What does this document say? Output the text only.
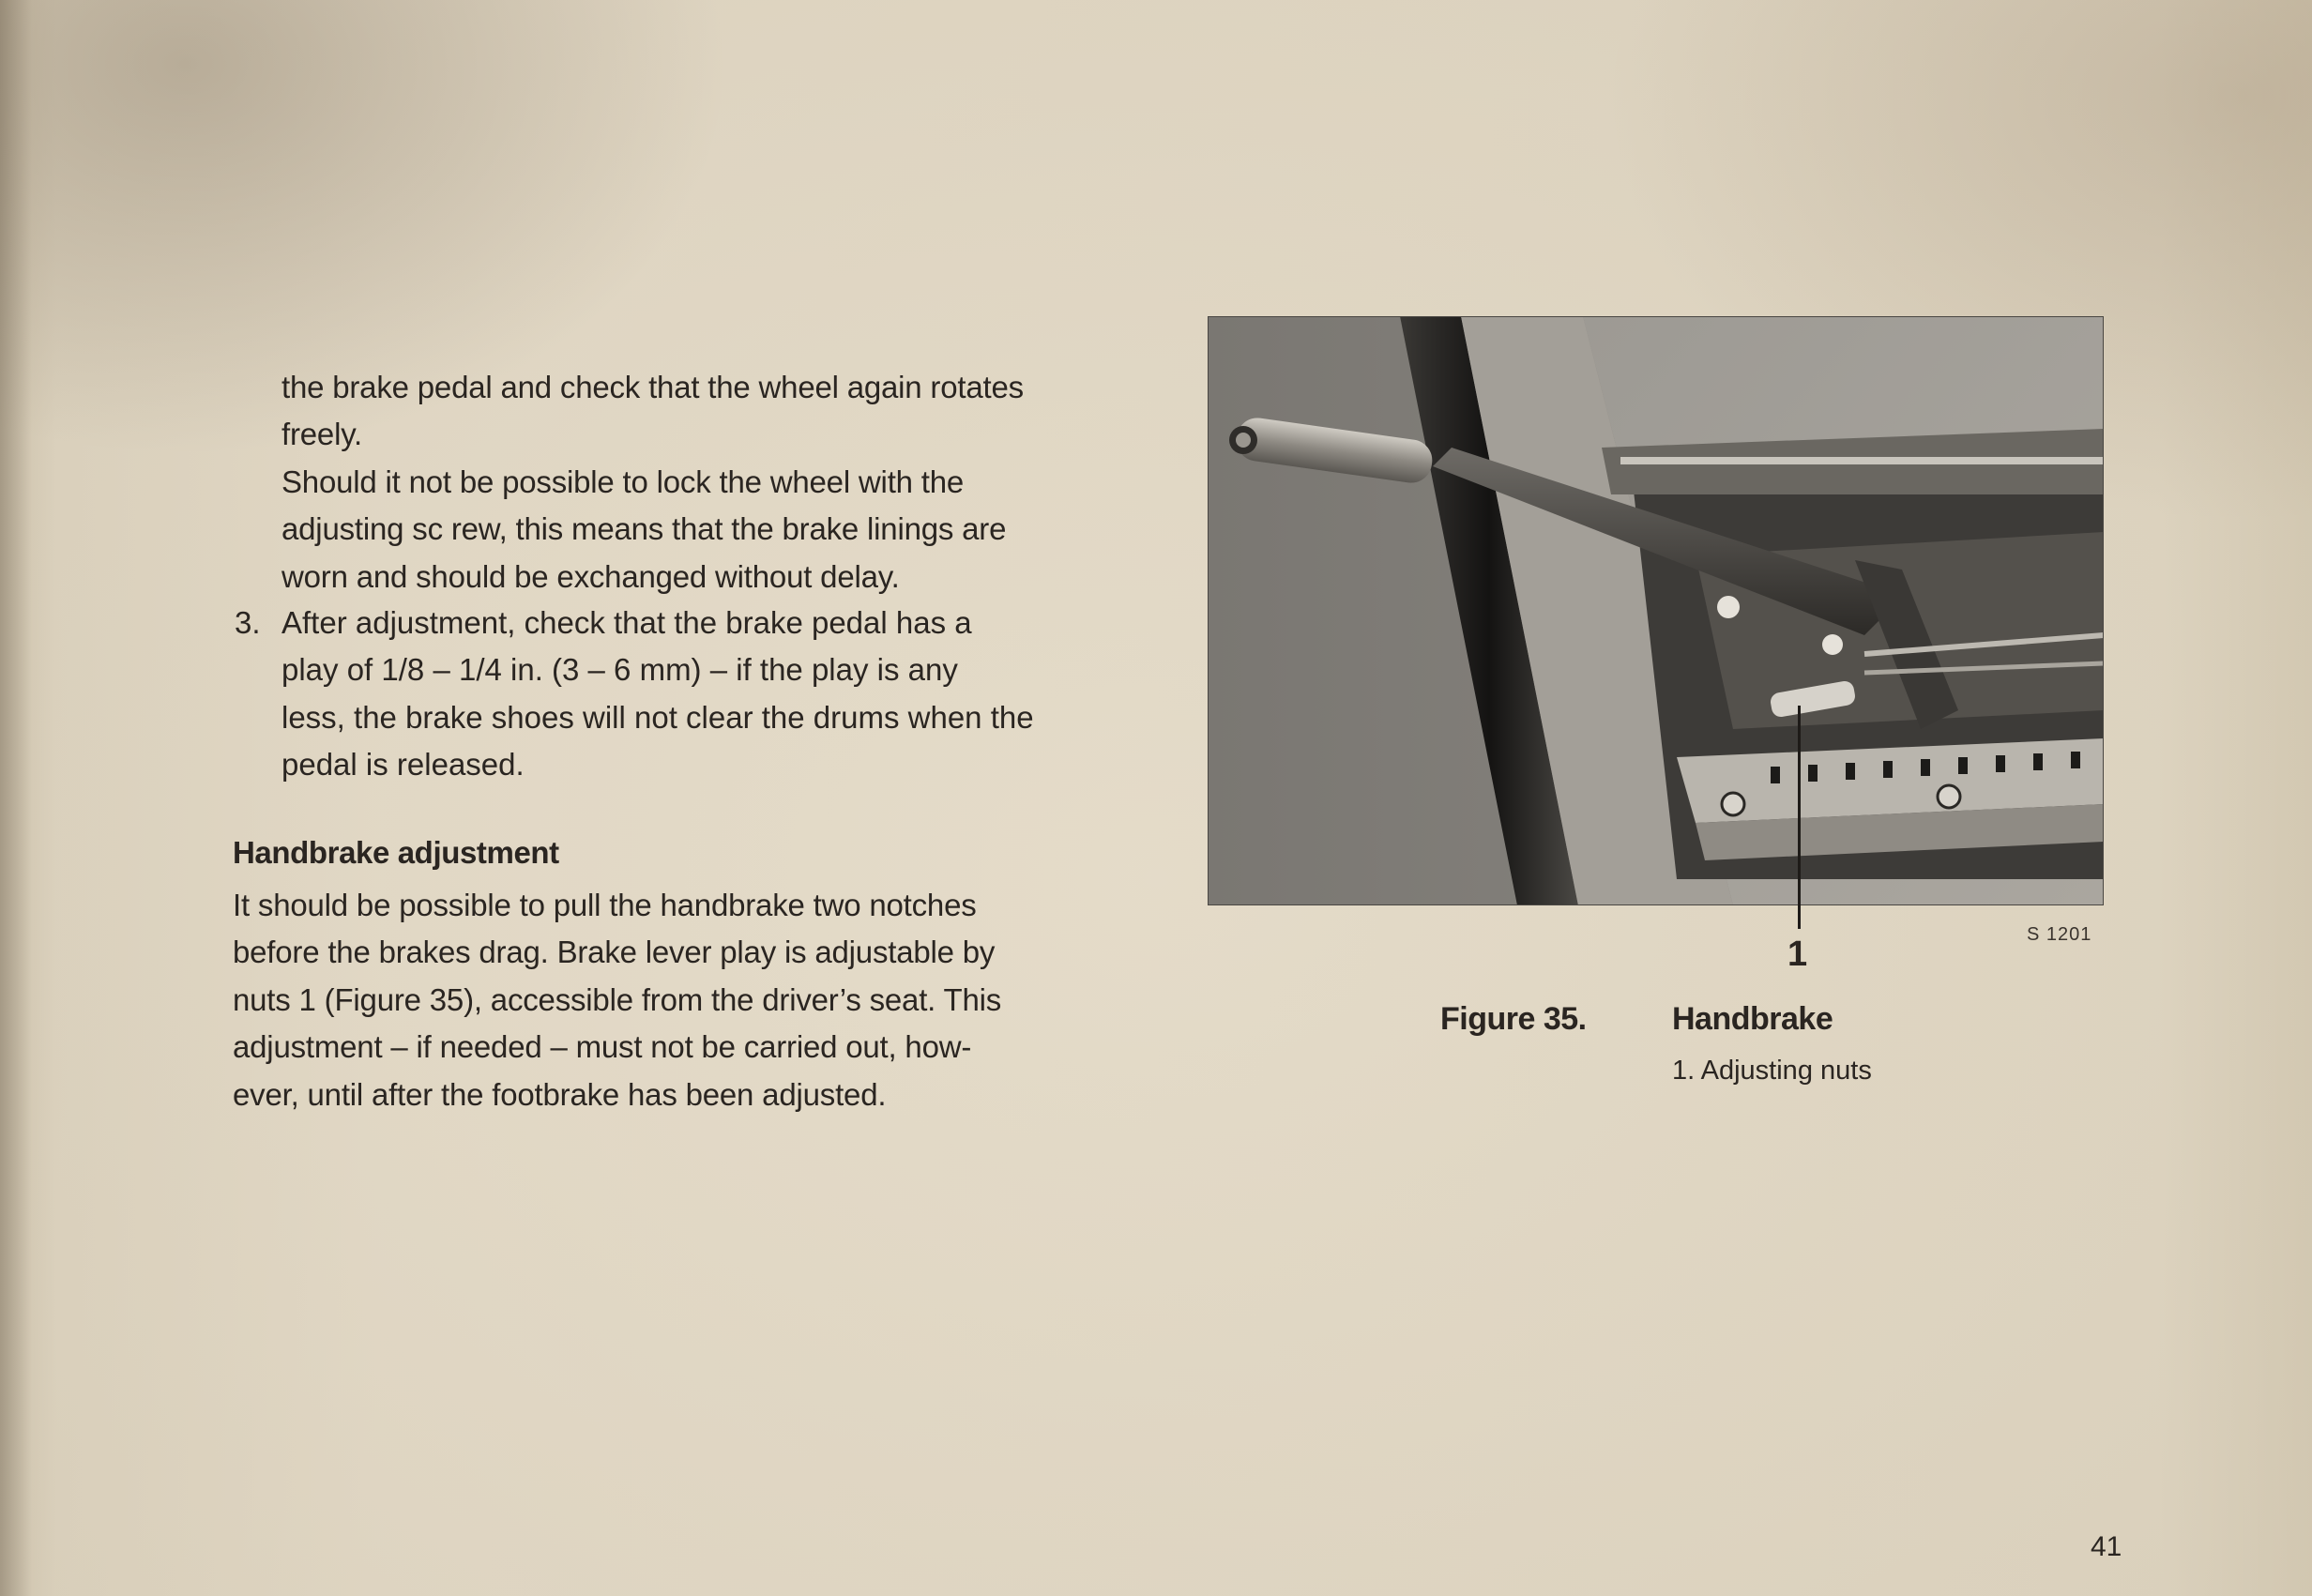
the brake pedal and check that the wheel again rotates

freely.

Should it not be possible to lock the wheel with the

adjusting sc rew, this means that the brake linings are

worn and should be exchanged without delay.

3. After adjustment, check that the brake pedal has a
play of 1/8 – 1/4 in. (3 – 6 mm) – if the play is any
less, the brake shoes will not clear the drums when the
pedal is released.
Handbrake adjustment
It should be possible to pull the handbrake two notches
before the brakes drag. Brake lever play is adjustable by
nuts 1 (Figure 35), accessible from the driver’s seat. This
adjustment – if needed – must not be carried out, how-
ever, until after the footbrake has been adjusted.
1	S 1201
Figure 35.	Handbrake
1. Adjusting nuts
41
